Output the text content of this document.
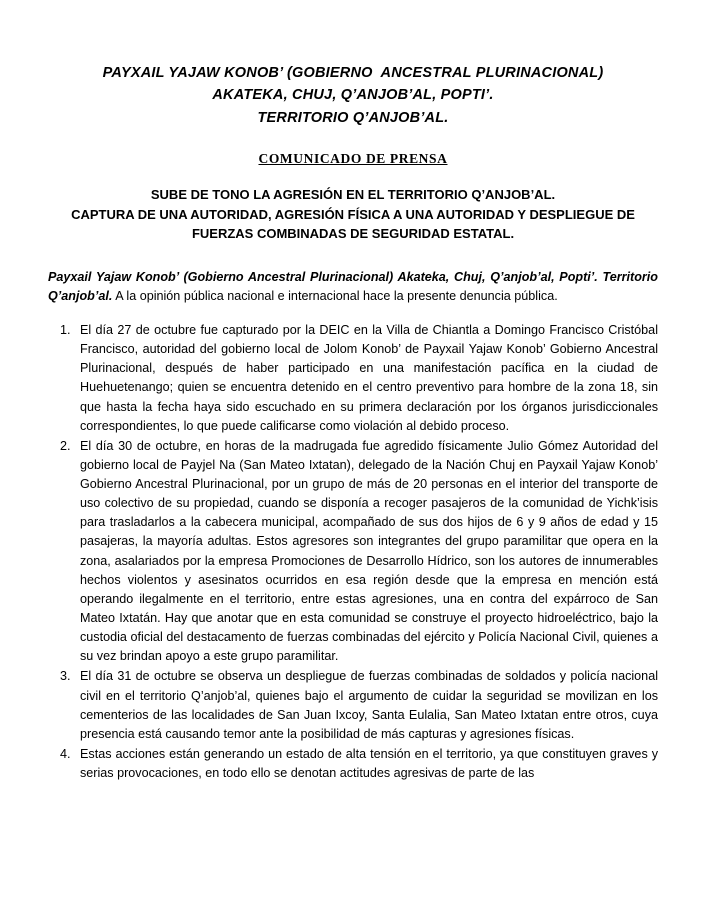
PAYXAIL YAJAW KONOB’ (GOBIERNO  ANCESTRAL PLURINACIONAL)
AKATEKA, CHUJ, Q’ANJOB’AL, POPTI’.
TERRITORIO Q’ANJOB’AL.
COMUNICADO DE PRENSA
SUBE DE TONO LA AGRESIÓN EN EL TERRITORIO Q’ANJOB’AL.
CAPTURA DE UNA AUTORIDAD, AGRESIÓN FÍSICA A UNA AUTORIDAD Y DESPLIEGUE DE
FUERZAS COMBINADAS DE SEGURIDAD ESTATAL.

Payxail Yajaw Konob’ (Gobierno Ancestral Plurinacional) Akateka, Chuj, Q’anjob’al, Popti’. Territorio Q’anjob’al. A la opinión pública nacional e internacional hace la presente denuncia pública.

1. El día 27 de octubre fue capturado por la DEIC en la Villa de Chiantla a Domingo Francisco Cristóbal Francisco, autoridad del gobierno local de Jolom Konob’ de Payxail Yajaw Konob’ Gobierno Ancestral Plurinacional, después de haber participado en una manifestación pacífica en la ciudad de Huehuetenango; quien se encuentra detenido en el centro preventivo para hombre de la zona 18, sin que hasta la fecha haya sido escuchado en su primera declaración por los órganos jurisdiccionales correspondientes, lo que puede calificarse como violación al debido proceso.
2. El día 30 de octubre, en horas de la madrugada fue agredido físicamente Julio Gómez Autoridad del gobierno local de Payjel Na (San Mateo Ixtatan), delegado de la Nación Chuj en Payxail Yajaw Konob’ Gobierno Ancestral Plurinacional, por un grupo de más de 20 personas en el interior del transporte de uso colectivo de su propiedad, cuando se disponía a recoger pasajeros de la comunidad de Yichk’isis para trasladarlos a la cabecera municipal, acompañado de sus dos hijos de 6 y 9 años de edad y 15 pasajeras, la mayoría adultas. Estos agresores son integrantes del grupo paramilitar que opera en la zona, asalariados por la empresa Promociones de Desarrollo Hídrico, son los autores de innumerables hechos violentos y asesinatos ocurridos en esa región desde que la empresa en mención está operando ilegalmente en el territorio, entre estas agresiones, una en contra del expárroco de San Mateo Ixtatán. Hay que anotar que en esta comunidad se construye el proyecto hidroeléctrico, bajo la custodia oficial del destacamento de fuerzas combinadas del ejército y Policía Nacional Civil, quienes a su vez brindan apoyo a este grupo paramilitar.
3. El día 31 de octubre se observa un despliegue de fuerzas combinadas de soldados y policía nacional civil en el territorio Q’anjob’al, quienes bajo el argumento de cuidar la seguridad se movilizan en los cementerios de las localidades de San Juan Ixcoy, Santa Eulalia, San Mateo Ixtatan entre otros, cuya presencia está causando temor ante la posibilidad de más capturas y agresiones físicas.
4. Estas acciones están generando un estado de alta tensión en el territorio, ya que constituyen graves y serias provocaciones, en todo ello se denotan actitudes agresivas de parte de las
